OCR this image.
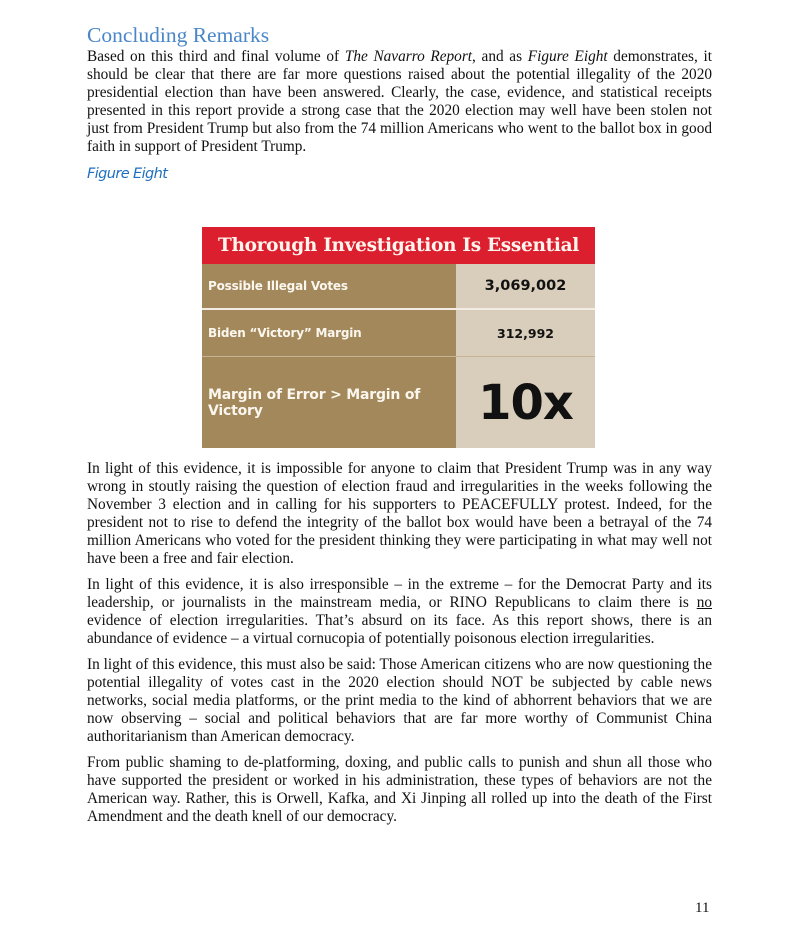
Concluding Remarks

Based on this third and final volume of The Navarro Report, and as Figure Eight demonstrates, it should be clear that there are far more questions raised about the potential illegality of the 2020 presidential election than have been answered. Clearly, the case, evidence, and statistical receipts presented in this report provide a strong case that the 2020 election may well have been stolen not just from President Trump but also from the 74 million Americans who went to the ballot box in good faith in support of President Trump.

Figure Eight
Thorough Investigation Is Essential
Possible Illegal Votes	3,069,002
Biden “Victory” Margin	312,992
Margin of Error > Margin of Victory	10x

In light of this evidence, it is impossible for anyone to claim that President Trump was in any way wrong in stoutly raising the question of election fraud and irregularities in the weeks following the November 3 election and in calling for his supporters to PEACEFULLY protest. Indeed, for the president not to rise to defend the integrity of the ballot box would have been a betrayal of the 74 million Americans who voted for the president thinking they were participating in what may well not have been a free and fair election.

In light of this evidence, it is also irresponsible – in the extreme – for the Democrat Party and its leadership, or journalists in the mainstream media, or RINO Republicans to claim there is no evidence of election irregularities. That’s absurd on its face. As this report shows, there is an abundance of evidence – a virtual cornucopia of potentially poisonous election irregularities.

In light of this evidence, this must also be said: Those American citizens who are now questioning the potential illegality of votes cast in the 2020 election should NOT be subjected by cable news networks, social media platforms, or the print media to the kind of abhorrent behaviors that we are now observing – social and political behaviors that are far more worthy of Communist China authoritarianism than American democracy.

From public shaming to de-platforming, doxing, and public calls to punish and shun all those who have supported the president or worked in his administration, these types of behaviors are not the American way. Rather, this is Orwell, Kafka, and Xi Jinping all rolled up into the death of the First Amendment and the death knell of our democracy.

11
